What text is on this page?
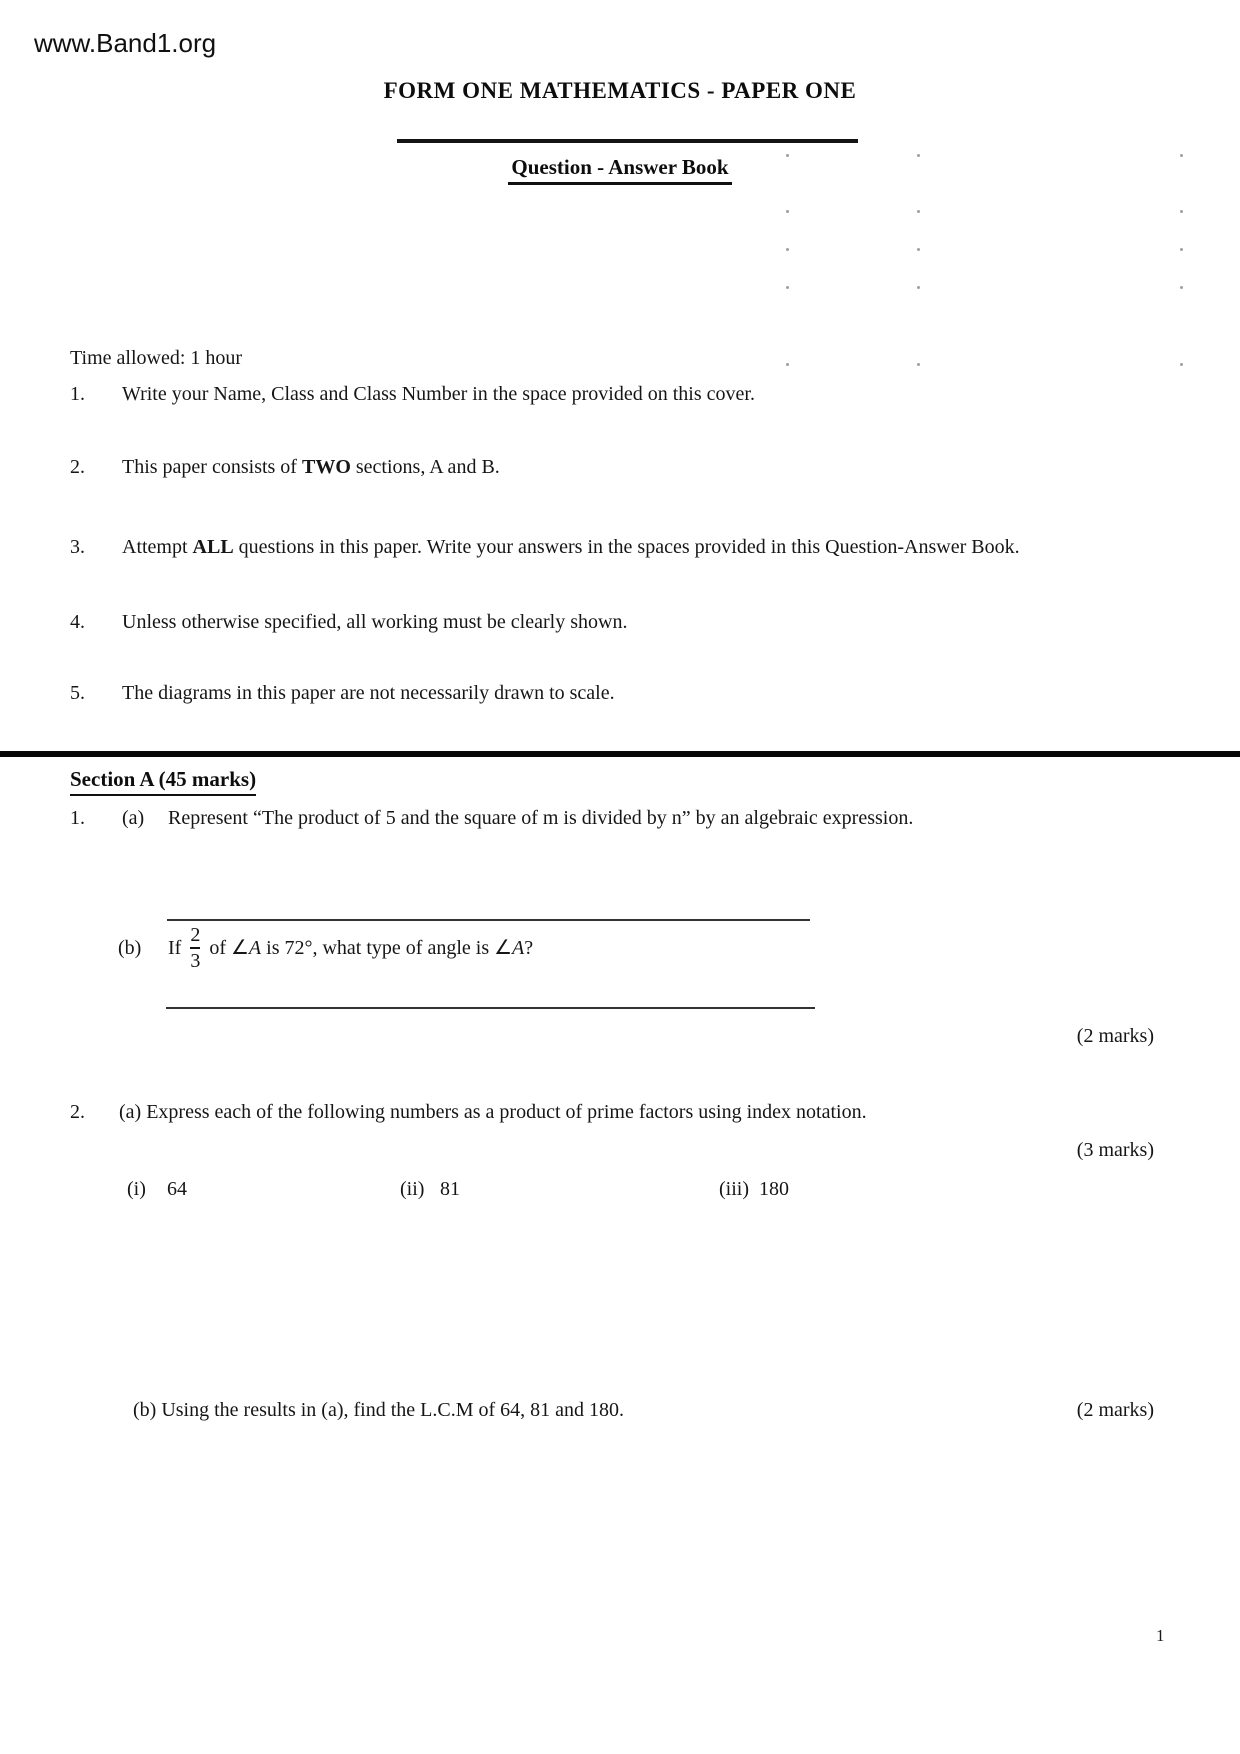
www.Band1.org
FORM ONE MATHEMATICS - PAPER ONE
Question - Answer Book
Time allowed: 1 hour
1. Write your Name, Class and Class Number in the space provided on this cover.
2. This paper consists of TWO sections, A and B.
3. Attempt ALL questions in this paper. Write your answers in the spaces provided in this Question-Answer Book.
4. Unless otherwise specified, all working must be clearly shown.
5. The diagrams in this paper are not necessarily drawn to scale.
Section A (45 marks)
1. (a) Represent “The product of 5 and the square of m is divided by n” by an algebraic expression.
(b)	If $\frac{2}{3}$ of ∠A is 72°, what type of angle is ∠A?
(2 marks)
2. (a) Express each of the following numbers as a product of prime factors using index notation.
(3 marks)
(i) 64	(ii) 81	(iii) 180
(b) Using the results in (a), find the L.C.M of 64, 81 and 180.	(2 marks)
1
